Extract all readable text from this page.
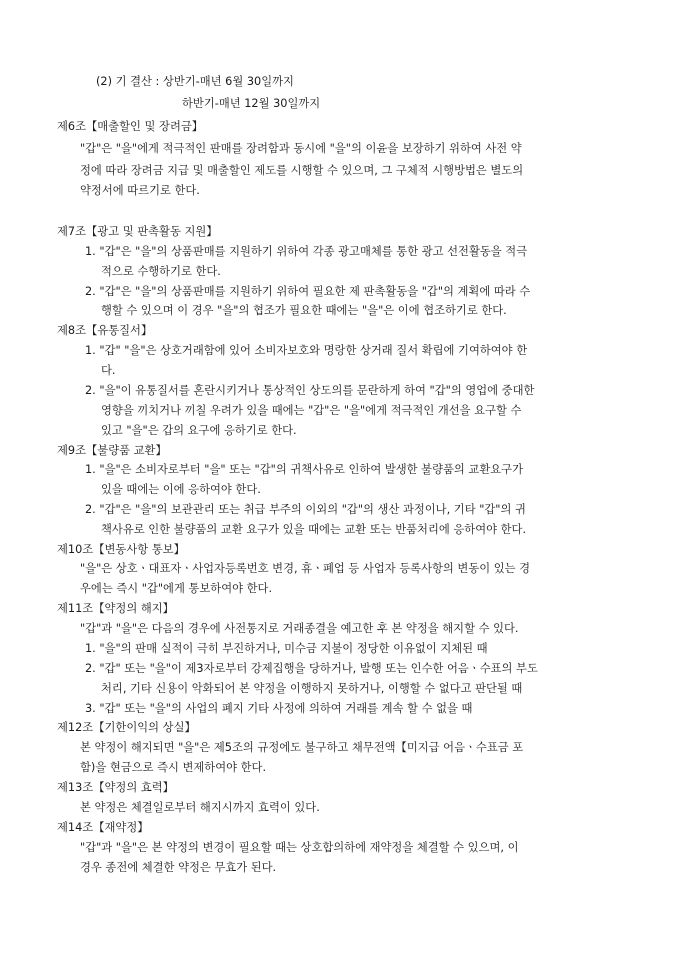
(2) 기 결산 : 상반기-매년 6월 30일까지
하반기-매년 12월 30일까지
제6조【매출할인 및 장려금】
"갑"은 "을"에게 적극적인 판매를 장려함과 동시에 "을"의 이윤을 보장하기 위하여 사전 약
정에 따라 장려금 지급 및 매출할인 제도를 시행할 수 있으며, 그 구체적 시행방법은 별도의
약정서에 따르기로 한다.
제7조【광고 및 판촉활동 지원】
1. "갑"은 "을"의 상품판매를 지원하기 위하여 각종 광고매체를 통한 광고 선전활동을 적극
적으로 수행하기로 한다.
2. "갑"은 "을"의 상품판매를 지원하기 위하여 필요한 제 판촉활동을 "갑"의 계획에 따라 수
행할 수 있으며 이 경우 "을"의 협조가 필요한 때에는 "을"은 이에 협조하기로 한다.
제8조【유통질서】
1. "갑" "을"은 상호거래함에 있어 소비자보호와 명랑한 상거래 질서 확립에 기여하여야 한
다.
2. "을"이 유통질서를 혼란시키거나 통상적인 상도의를 문란하게 하여 "갑"의 영업에 중대한
영향을 끼치거나 끼칠 우려가 있을 때에는 "갑"은 "을"에게 적극적인 개선을 요구할 수
있고 "을"은 갑의 요구에 응하기로 한다.
제9조【불량품 교환】
1. "을"은 소비자로부터 "을" 또는 "갑"의 귀책사유로 인하여 발생한 불량품의 교환요구가
있을 때에는 이에 응하여야 한다.
2. "갑"은 "을"의 보관관리 또는 취급 부주의 이외의 "갑"의 생산 과정이나, 기타 "갑"의 귀
책사유로 인한 불량품의 교환 요구가 있을 때에는 교환 또는 반품처리에 응하여야 한다.
제10조【변동사항 통보】
"을"은 상호ㆍ대표자ㆍ사업자등록번호 변경, 휴ㆍ폐업 등 사업자 등록사항의 변동이 있는 경
우에는 즉시 "갑"에게 통보하여야 한다.
제11조【약정의 해지】
"갑"과 "을"은 다음의 경우에 사전통지로 거래종결을 예고한 후 본 약정을 해지할 수 있다.
1. "을"의 판매 실적이 극히 부진하거나, 미수금 지불이 정당한 이유없이 지체된 때
2. "갑" 또는 "을"이 제3자로부터 강제집행을 당하거나, 발행 또는 인수한 어음ㆍ수표의 부도
처리, 기타 신용이 악화되어 본 약정을 이행하지 못하거나, 이행할 수 없다고 판단될 때
3. "갑" 또는 "을"의 사업의 폐지 기타 사정에 의하여 거래를 계속 할 수 없을 때
제12조【기한이익의 상실】
본 약정이 해지되면 "을"은 제5조의 규정에도 불구하고 채무전액【미지급 어음ㆍ수표금 포
함)을 현금으로 즉시 변제하여야 한다.
제13조【약정의 효력】
본 약정은 체결일로부터 해지시까지 효력이 있다.
제14조【재약정】
"갑"과 "을"은 본 약정의 변경이 필요할 때는 상호합의하에 재약정을 체결할 수 있으며, 이
경우 종전에 체결한 약정은 무효가 된다.
